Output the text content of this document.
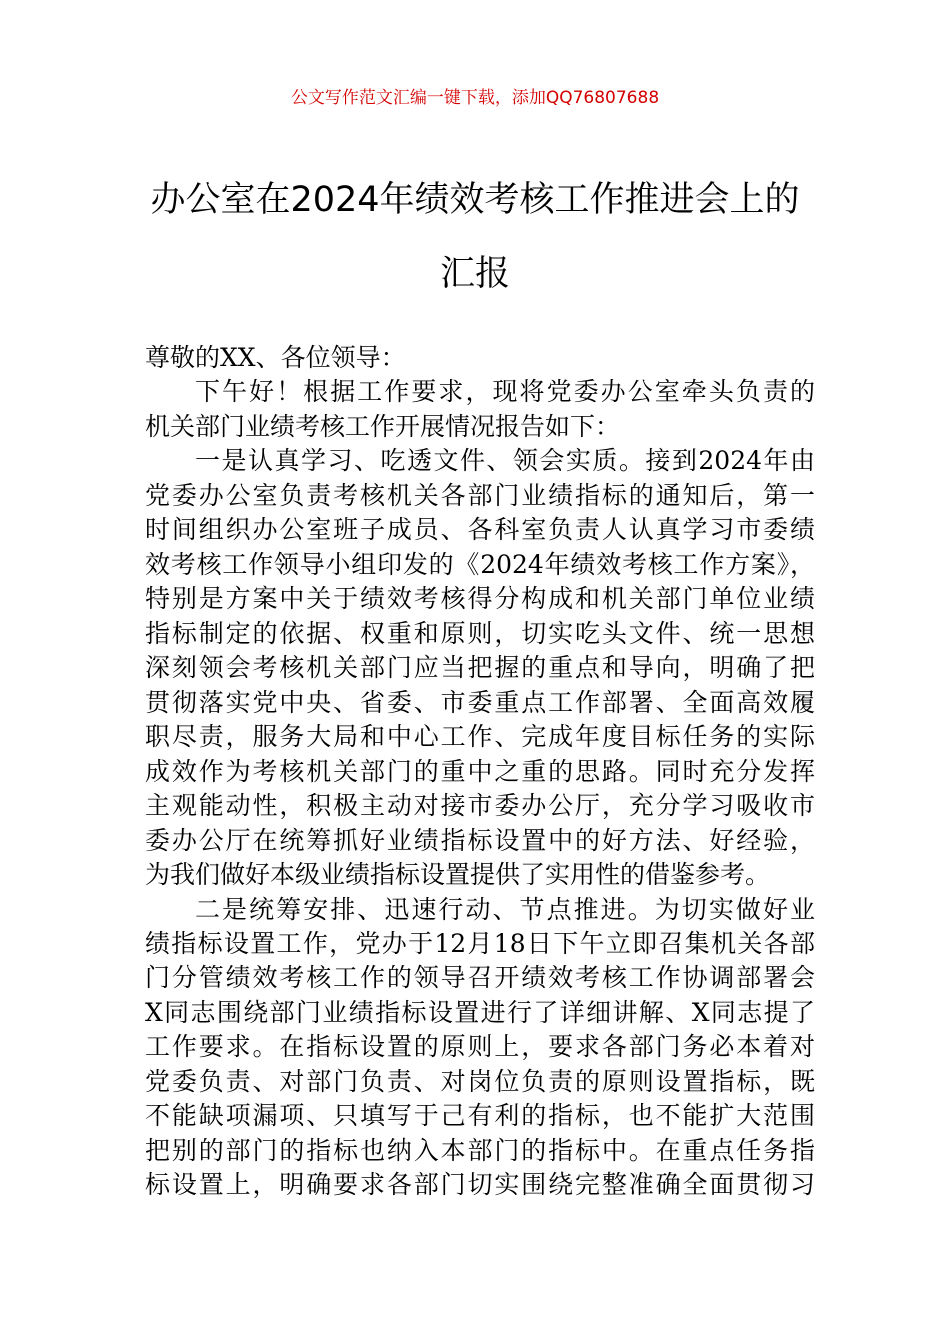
公文写作范文汇编一键下载，添加QQ76807688
办公室在2024年绩效考核工作推进会上的
汇报
尊敬的XX、各位领导：
下午好！根据工作要求，现将党委办公室牵头负责的
机关部门业绩考核工作开展情况报告如下：
一是认真学习、吃透文件、领会实质。接到2024年由
党委办公室负责考核机关各部门业绩指标的通知后，第一
时间组织办公室班子成员、各科室负责人认真学习市委绩
效考核工作领导小组印发的《2024年绩效考核工作方案》，
特别是方案中关于绩效考核得分构成和机关部门单位业绩
指标制定的依据、权重和原则，切实吃头文件、统一思想
深刻领会考核机关部门应当把握的重点和导向，明确了把
贯彻落实党中央、省委、市委重点工作部署、全面高效履
职尽责，服务大局和中心工作、完成年度目标任务的实际
成效作为考核机关部门的重中之重的思路。同时充分发挥
主观能动性，积极主动对接市委办公厅，充分学习吸收市
委办公厅在统筹抓好业绩指标设置中的好方法、好经验，
为我们做好本级业绩指标设置提供了实用性的借鉴参考。
二是统筹安排、迅速行动、节点推进。为切实做好业
绩指标设置工作，党办于12月18日下午立即召集机关各部
门分管绩效考核工作的领导召开绩效考核工作协调部署会
X同志围绕部门业绩指标设置进行了详细讲解、X同志提了
工作要求。在指标设置的原则上，要求各部门务必本着对
党委负责、对部门负责、对岗位负责的原则设置指标，既
不能缺项漏项、只填写于己有利的指标，也不能扩大范围
把别的部门的指标也纳入本部门的指标中。在重点任务指
标设置上，明确要求各部门切实围绕完整准确全面贯彻习
